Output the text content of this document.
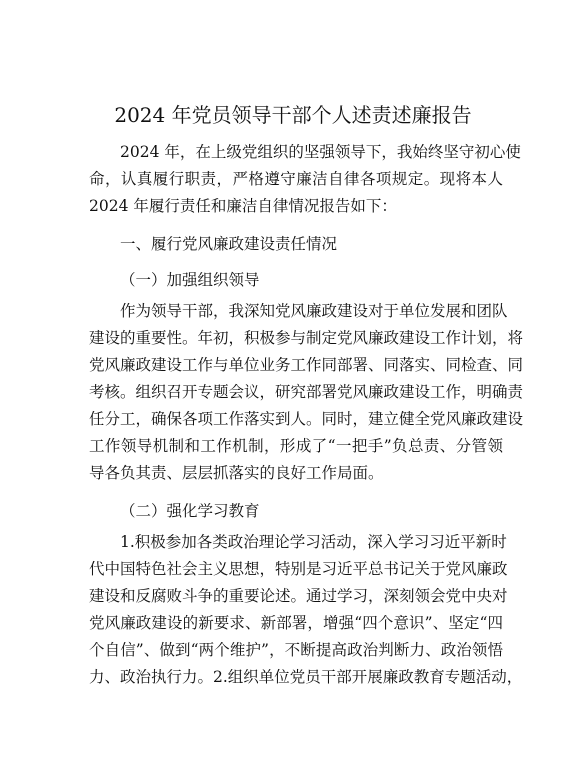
2024 年党员领导干部个人述责述廉报告
2024 年，在上级党组织的坚强领导下，我始终坚守初心使
命，认真履行职责，严格遵守廉洁自律各项规定。现将本人
2024 年履行责任和廉洁自律情况报告如下：
一、履行党风廉政建设责任情况
（一）加强组织领导
作为领导干部，我深知党风廉政建设对于单位发展和团队
建设的重要性。年初，积极参与制定党风廉政建设工作计划，将
党风廉政建设工作与单位业务工作同部署、同落实、同检查、同
考核。组织召开专题会议，研究部署党风廉政建设工作，明确责
任分工，确保各项工作落实到人。同时，建立健全党风廉政建设
工作领导机制和工作机制，形成了“一把手”负总责、分管领
导各负其责、层层抓落实的良好工作局面。
（二）强化学习教育
1.积极参加各类政治理论学习活动，深入学习习近平新时
代中国特色社会主义思想，特别是习近平总书记关于党风廉政
建设和反腐败斗争的重要论述。通过学习，深刻领会党中央对
党风廉政建设的新要求、新部署，增强“四个意识”、坚定“四
个自信”、做到“两个维护”，不断提高政治判断力、政治领悟
力、政治执行力。2.组织单位党员干部开展廉政教育专题活动，
